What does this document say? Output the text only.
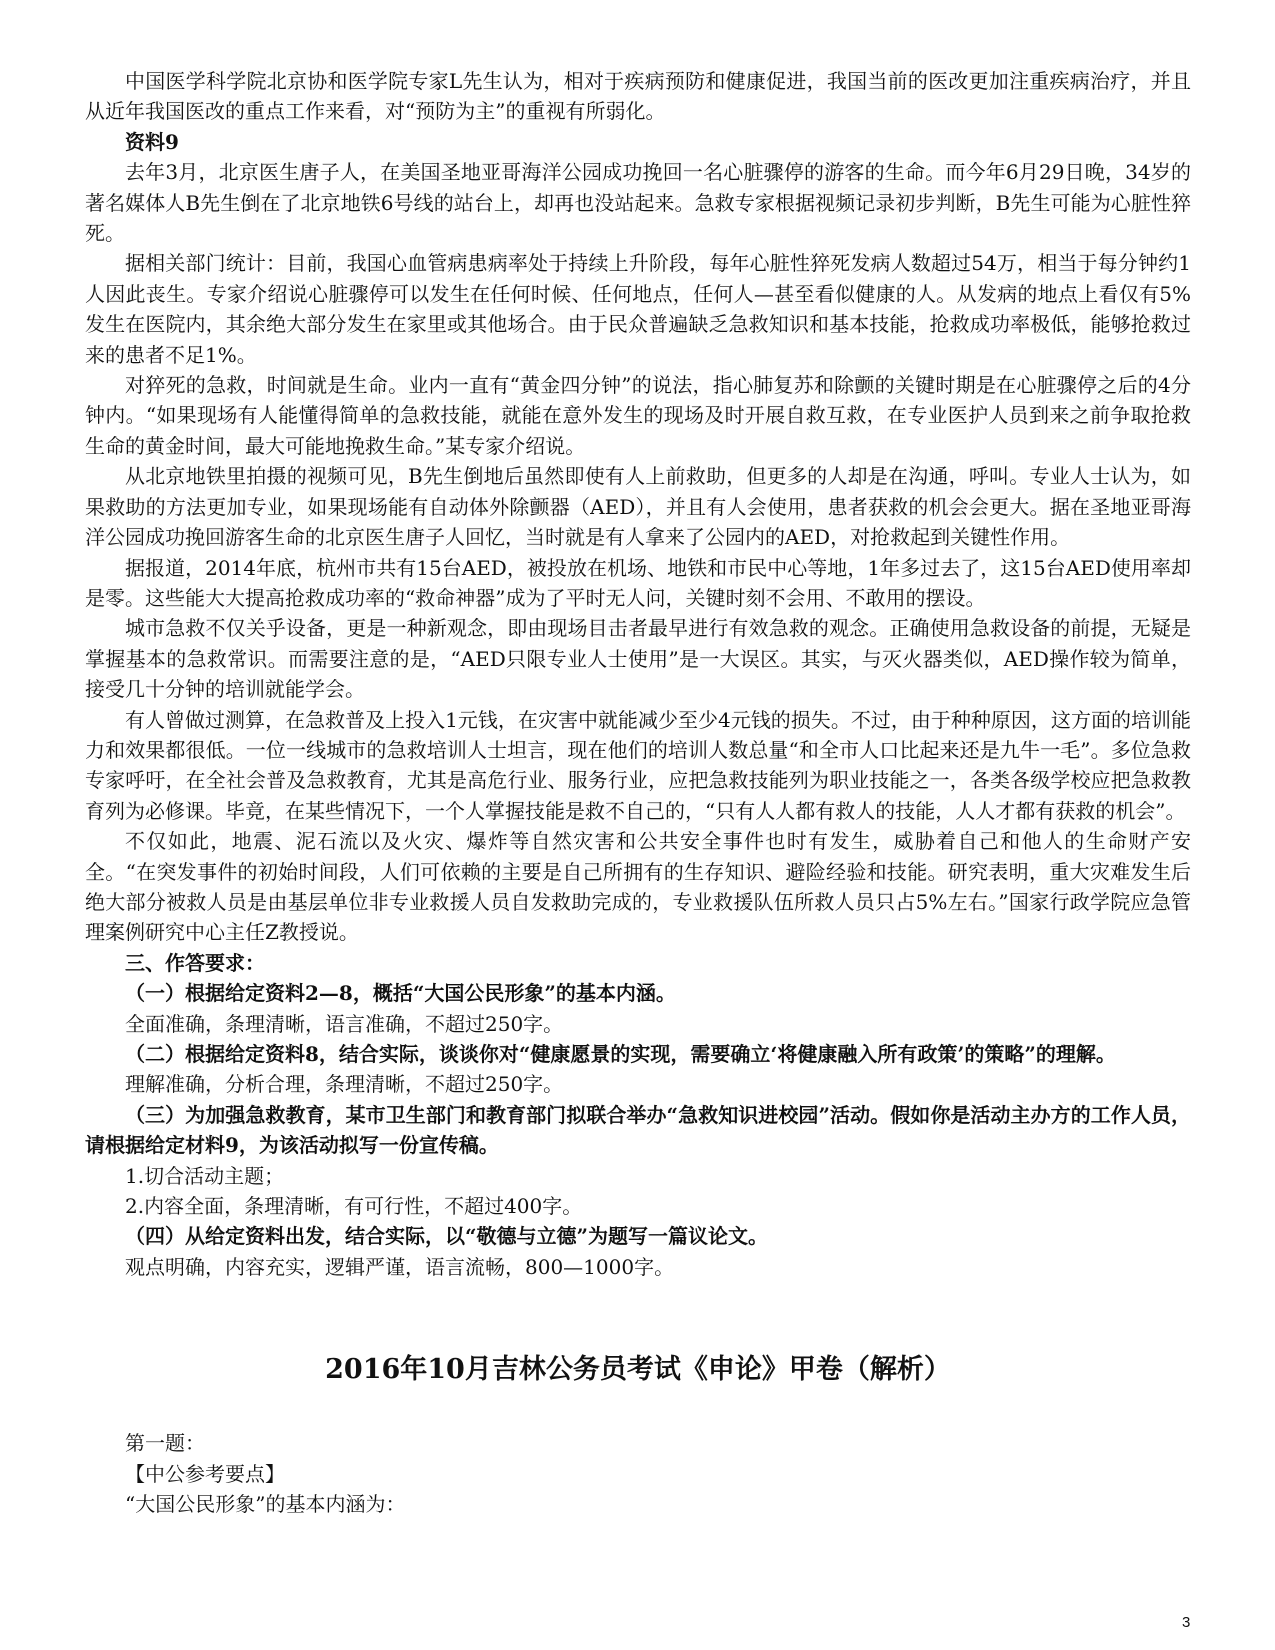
中国医学科学院北京协和医学院专家L先生认为，相对于疾病预防和健康促进，我国当前的医改更加注重疾病治疗，并且从近年我国医改的重点工作来看，对“预防为主”的重视有所弱化。

资料9

去年3月，北京医生唐子人，在美国圣地亚哥海洋公园成功挽回一名心脏骤停的游客的生命。而今年6月29日晚，34岁的著名媒体人B先生倒在了北京地铁6号线的站台上，却再也没站起来。急救专家根据视频记录初步判断，B先生可能为心脏性猝死。

据相关部门统计：目前，我国心血管病患病率处于持续上升阶段，每年心脏性猝死发病人数超过54万，相当于每分钟约1人因此丧生。专家介绍说心脏骤停可以发生在任何时候、任何地点，任何人—甚至看似健康的人。从发病的地点上看仅有5%发生在医院内，其余绝大部分发生在家里或其他场合。由于民众普遍缺乏急救知识和基本技能，抢救成功率极低，能够抢救过来的患者不足1%。

对猝死的急救，时间就是生命。业内一直有“黄金四分钟”的说法，指心肺复苏和除颤的关键时期是在心脏骤停之后的4分钟内。“如果现场有人能懂得简单的急救技能，就能在意外发生的现场及时开展自救互救，在专业医护人员到来之前争取抢救生命的黄金时间，最大可能地挽救生命。”某专家介绍说。

从北京地铁里拍摄的视频可见，B先生倒地后虽然即使有人上前救助，但更多的人却是在沟通，呼叫。专业人士认为，如果救助的方法更加专业，如果现场能有自动体外除颤器（AED），并且有人会使用，患者获救的机会会更大。据在圣地亚哥海洋公园成功挽回游客生命的北京医生唐子人回忆，当时就是有人拿来了公园内的AED，对抢救起到关键性作用。

据报道，2014年底，杭州市共有15台AED，被投放在机场、地铁和市民中心等地，1年多过去了，这15台AED使用率却是零。这些能大大提高抢救成功率的“救命神器”成为了平时无人问，关键时刻不会用、不敢用的摆设。

城市急救不仅关乎设备，更是一种新观念，即由现场目击者最早进行有效急救的观念。正确使用急救设备的前提，无疑是掌握基本的急救常识。而需要注意的是，“AED只限专业人士使用”是一大误区。其实，与灭火器类似，AED操作较为简单，接受几十分钟的培训就能学会。

有人曾做过测算，在急救普及上投入1元钱，在灾害中就能减少至少4元钱的损失。不过，由于种种原因，这方面的培训能力和效果都很低。一位一线城市的急救培训人士坦言，现在他们的培训人数总量“和全市人口比起来还是九牛一毛”。多位急救专家呼吁，在全社会普及急救教育，尤其是高危行业、服务行业，应把急救技能列为职业技能之一，各类各级学校应把急救教育列为必修课。毕竟，在某些情况下，一个人掌握技能是救不自己的，“只有人人都有救人的技能，人人才都有获救的机会”。

不仅如此，地震、泥石流以及火灾、爆炸等自然灾害和公共安全事件也时有发生，威胁着自己和他人的生命财产安全。“在突发事件的初始时间段，人们可依赖的主要是自己所拥有的生存知识、避险经验和技能。研究表明，重大灾难发生后绝大部分被救人员是由基层单位非专业救援人员自发救助完成的，专业救援队伍所救人员只占5%左右。”国家行政学院应急管理案例研究中心主任Z教授说。

三、作答要求：

（一）根据给定资料2—8，概括“大国公民形象”的基本内涵。

全面准确，条理清晰，语言准确，不超过250字。

（二）根据给定资料8，结合实际，谈谈你对“健康愿景的实现，需要确立‘将健康融入所有政策’的策略”的理解。

理解准确，分析合理，条理清晰，不超过250字。

（三）为加强急救教育，某市卫生部门和教育部门拟联合举办“急救知识进校园”活动。假如你是活动主办方的工作人员，请根据给定材料9，为该活动拟写一份宣传稿。

1.切合活动主题；

2.内容全面，条理清晰，有可行性，不超过400字。

（四）从给定资料出发，结合实际，以“敬德与立德”为题写一篇议论文。

观点明确，内容充实，逻辑严谨，语言流畅，800—1000字。

2016年10月吉林公务员考试《申论》甲卷（解析）

第一题：

【中公参考要点】

“大国公民形象”的基本内涵为：

3
